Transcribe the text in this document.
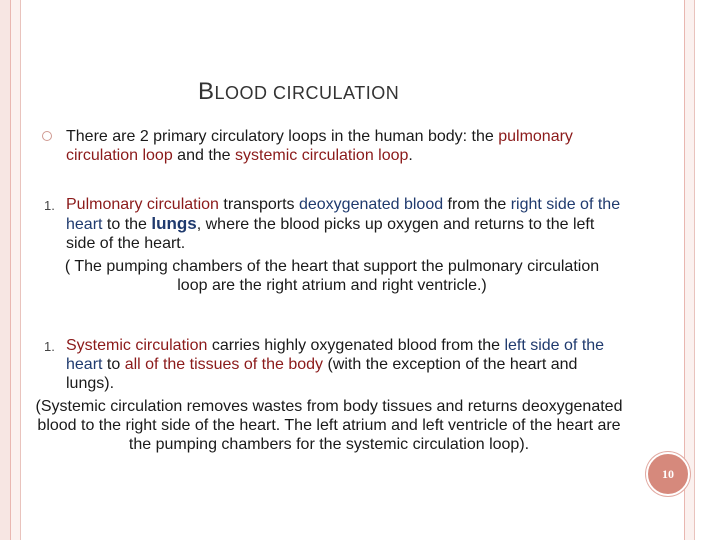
BLOOD CIRCULATION
There are 2 primary circulatory loops in the human body: the pulmonary circulation loop and the systemic circulation loop.
1. Pulmonary circulation transports deoxygenated blood from the right side of the heart to the lungs, where the blood picks up oxygen and returns to the left side of the heart.
( The pumping chambers of the heart that support the pulmonary circulation loop are the right atrium and right ventricle.)
1. Systemic circulation carries highly oxygenated blood from the left side of the heart to all of the tissues of the body (with the exception of the heart and lungs).
(Systemic circulation removes wastes from body tissues and returns deoxygenated blood to the right side of the heart. The left atrium and left ventricle of the heart are the pumping chambers for the systemic circulation loop).
10
